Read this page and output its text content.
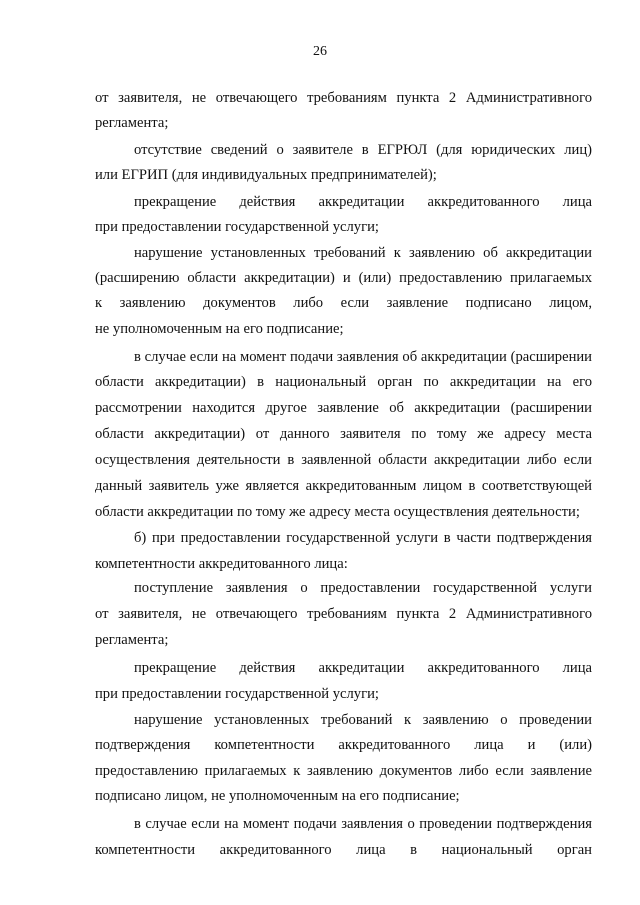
26
от заявителя, не отвечающего требованиям пункта 2 Административного
регламента;
отсутствие сведений о заявителе в ЕГРЮЛ (для юридических лиц)
или ЕГРИП (для индивидуальных предпринимателей);
прекращение действия аккредитации аккредитованного лица
при предоставлении государственной услуги;
нарушение установленных требований к заявлению об аккредитации
(расширению области аккредитации) и (или) предоставлению прилагаемых
к заявлению документов либо если заявление подписано лицом,
не уполномоченным на его подписание;
в случае если на момент подачи заявления об аккредитации (расширении
области аккредитации) в национальный орган по аккредитации на его
рассмотрении находится другое заявление об аккредитации (расширении
области аккредитации) от данного заявителя по тому же адресу места
осуществления деятельности в заявленной области аккредитации либо если
данный заявитель уже является аккредитованным лицом в соответствующей
области аккредитации по тому же адресу места осуществления деятельности;
б) при предоставлении государственной услуги в части подтверждения
компетентности аккредитованного лица:
поступление заявления о предоставлении государственной услуги
от заявителя, не отвечающего требованиям пункта 2 Административного
регламента;
прекращение действия аккредитации аккредитованного лица
при предоставлении государственной услуги;
нарушение установленных требований к заявлению о проведении
подтверждения компетентности аккредитованного лица и (или)
предоставлению прилагаемых к заявлению документов либо если заявление
подписано лицом, не уполномоченным на его подписание;
в случае если на момент подачи заявления о проведении подтверждения
компетентности аккредитованного лица в национальный орган
